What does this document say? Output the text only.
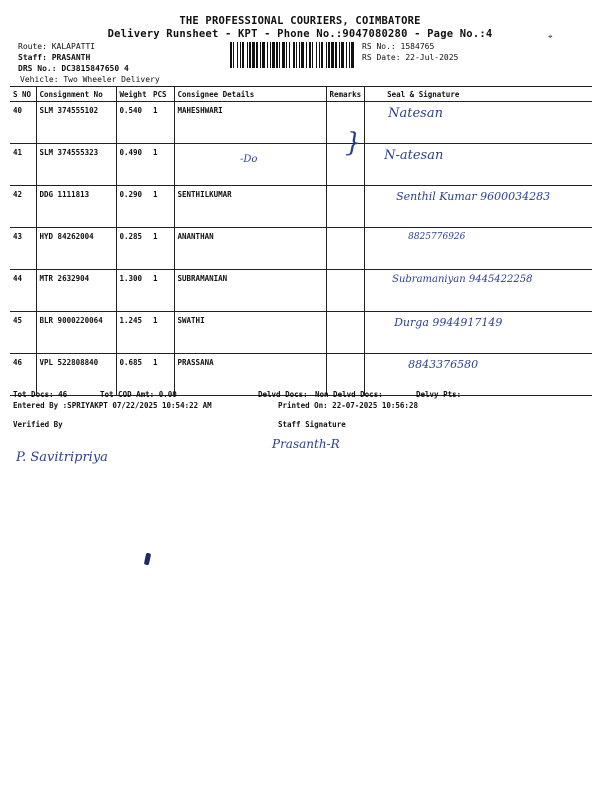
THE PROFESSIONAL COURIERS, COIMBATORE
Delivery Runsheet - KPT - Phone No.:9047080280 - Page No.:4	⌖
Route: KALAPATTI
Staff: PRASANTH
DRS No.: DC3815847650 4
Vehicle: Two Wheeler Delivery
RS No.: 1584765
RS Date: 22-Jul-2025
S NO	Consignment No	Weight	PCS	Consignee Details	Remarks	Seal & Signature
40	SLM 374555102	0.540	1	MAHESHWARI		Natesan
41	SLM 374555323	0.490	1			N-atesan
42	DDG 1111813	0.290	1	SENTHILKUMAR		Senthil Kumar 9600034283
43	HYD 84262004	0.285	1	ANANTHAN		8825776926
44	MTR 2632904	1.300	1	SUBRAMANIAN		Subramaniyan 9445422258
45	BLR 9000220064	1.245	1	SWATHI		Durga 9944917149
46	VPL 522808840	0.685	1	PRASSANA		8843376580
-Do
}
Tot Docs: 46	Tot COD Amt: 0.00	Delvd Docs: Non Delvd Docs:	Delvy Pts:
Entered By :SPRIYAKPT 07/22/2025 10:54:22 AM	Printed On: 22-07-2025 10:56:28
Verified By	Staff Signature
P. Savitripriya
Prasanth-R
